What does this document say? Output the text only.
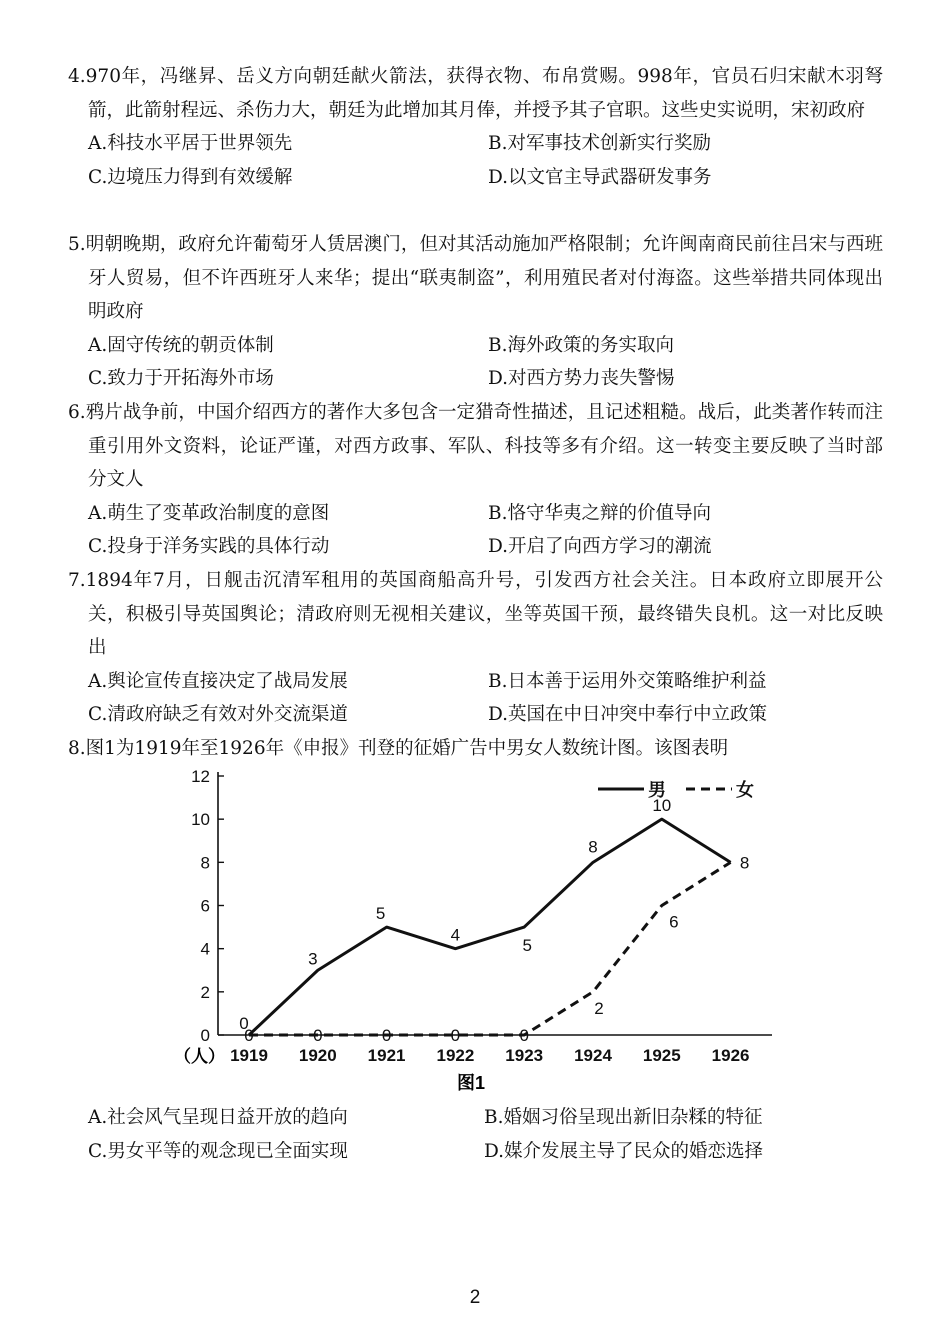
4.970年，冯继昇、岳义方向朝廷献火箭法，获得衣物、布帛赏赐。998年，官员石归宋献木羽弩箭，此箭射程远、杀伤力大，朝廷为此增加其月俸，并授予其子官职。这些史实说明，宋初政府
A.科技水平居于世界领先	B.对军事技术创新实行奖励
C.边境压力得到有效缓解	D.以文官主导武器研发事务
5.明朝晚期，政府允许葡萄牙人赁居澳门，但对其活动施加严格限制；允许闽南商民前往吕宋与西班牙人贸易，但不许西班牙人来华；提出“联夷制盗”，利用殖民者对付海盗。这些举措共同体现出明政府
A.固守传统的朝贡体制	B.海外政策的务实取向
C.致力于开拓海外市场	D.对西方势力丧失警惕
6.鸦片战争前，中国介绍西方的著作大多包含一定猎奇性描述，且记述粗糙。战后，此类著作转而注重引用外文资料，论证严谨，对西方政事、军队、科技等多有介绍。这一转变主要反映了当时部分文人
A.萌生了变革政治制度的意图	B.恪守华夷之辩的价值导向
C.投身于洋务实践的具体行动	D.开启了向西方学习的潮流
7.1894年7月，日舰击沉清军租用的英国商船高升号，引发西方社会关注。日本政府立即展开公关，积极引导英国舆论；清政府则无视相关建议，坐等英国干预，最终错失良机。这一对比反映出
A.舆论宣传直接决定了战局发展	B.日本善于运用外交策略维护利益
C.清政府缺乏有效对外交流渠道	D.英国在中日冲突中奉行中立政策
8.图1为1919年至1926年《申报》刊登的征婚广告中男女人数统计图。该图表明
0
2
4
6
8
10
12
1919 1920 1921 1922 1923 1924 1925 1926
0
3
5
4
5
8
10
8
0	0	0	0	0
2
6
男	女
（人）
图1
A.社会风气呈现日益开放的趋向	B.婚姻习俗呈现出新旧杂糅的特征
C.男女平等的观念现已全面实现	D.媒介发展主导了民众的婚恋选择
2
